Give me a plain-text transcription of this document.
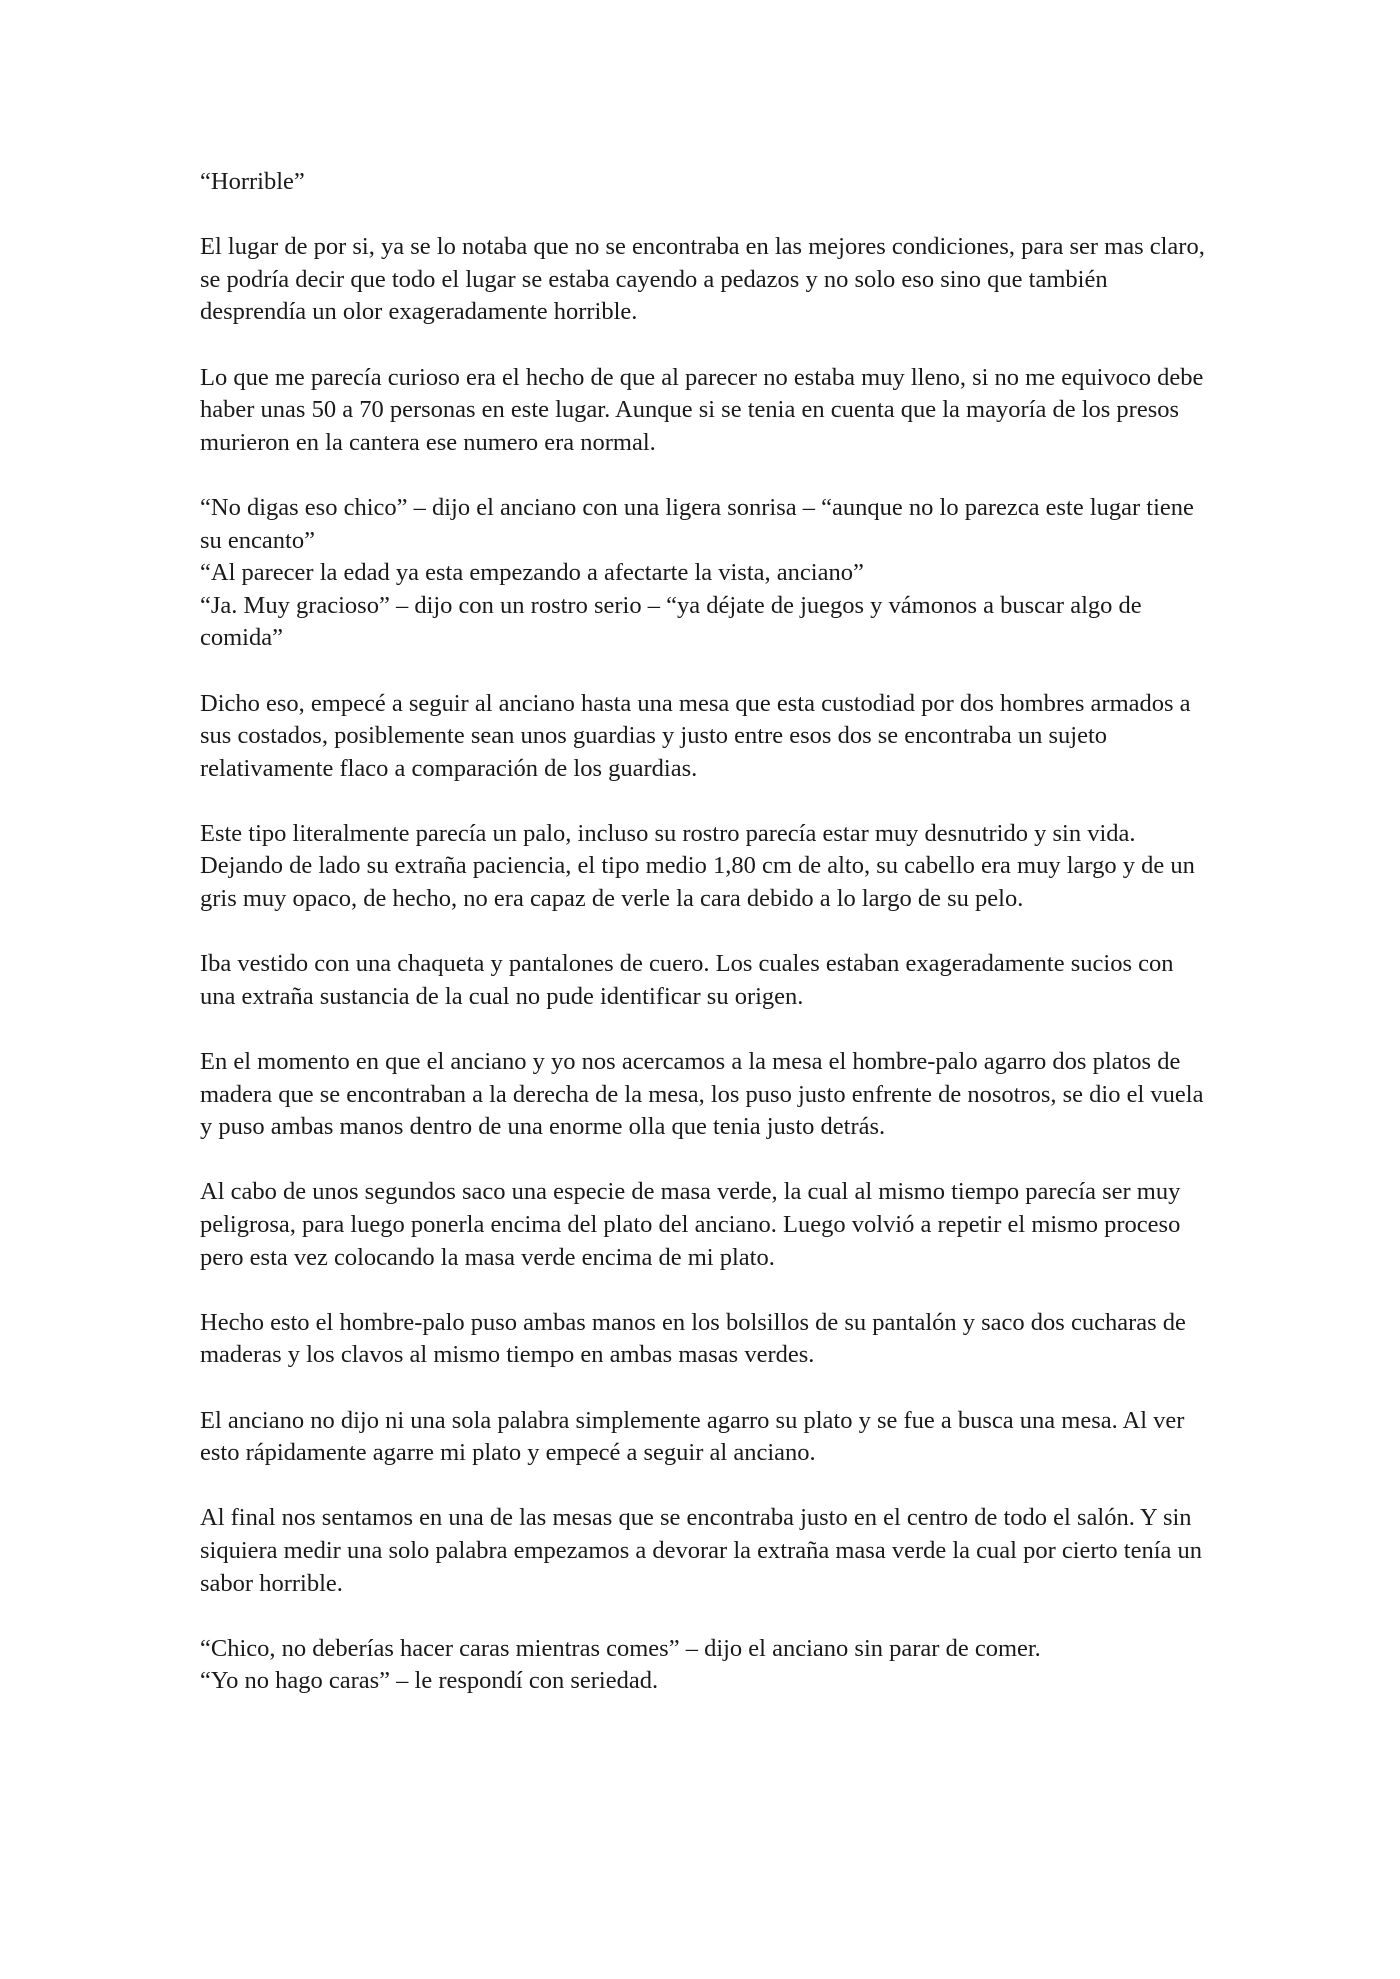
“Horrible”

El lugar de por si, ya se lo notaba que no se encontraba en las mejores condiciones, para ser mas claro, se podría decir que todo el lugar se estaba cayendo a pedazos y no solo eso sino que también desprendía un olor exageradamente horrible.

Lo que me parecía curioso era el hecho de que al parecer no estaba muy lleno, si no me equivoco debe haber unas 50 a 70 personas en este lugar. Aunque si se tenia en cuenta que la mayoría de los presos murieron en la cantera ese numero era normal.

“No digas eso chico” – dijo el anciano con una ligera sonrisa – “aunque no lo parezca este lugar tiene su encanto”
“Al parecer la edad ya esta empezando a afectarte la vista, anciano”
“Ja. Muy gracioso” – dijo con un rostro serio – “ya déjate de juegos y vámonos a buscar algo de comida”

Dicho eso, empecé a seguir al anciano hasta una mesa que esta custodiad por dos hombres armados a sus costados, posiblemente sean unos guardias y justo entre esos dos se encontraba un sujeto relativamente flaco a comparación de los guardias.

Este tipo literalmente parecía un palo, incluso su rostro parecía estar muy desnutrido y sin vida. Dejando de lado su extraña paciencia, el tipo medio 1,80 cm de alto, su cabello era muy largo y de un gris muy opaco, de hecho, no era capaz de verle la cara debido a lo largo de su pelo.

Iba vestido con una chaqueta y pantalones de cuero. Los cuales estaban exageradamente sucios con una extraña sustancia de la cual no pude identificar su origen.

En el momento en que el anciano y yo nos acercamos a la mesa el hombre-palo agarro dos platos de madera que se encontraban a la derecha de la mesa, los puso justo enfrente de nosotros, se dio el vuela y puso ambas manos dentro de una enorme olla que tenia justo detrás.

Al cabo de unos segundos saco una especie de masa verde, la cual al mismo tiempo parecía ser muy peligrosa, para luego ponerla encima del plato del anciano. Luego volvió a repetir el mismo proceso pero esta vez colocando la masa verde encima de mi plato.

Hecho esto el hombre-palo puso ambas manos en los bolsillos de su pantalón y saco dos cucharas de maderas y los clavos al mismo tiempo en ambas masas verdes.

El anciano no dijo ni una sola palabra simplemente agarro su plato y se fue a busca una mesa. Al ver esto rápidamente agarre mi plato y empecé a seguir al anciano.

Al final nos sentamos en una de las mesas que se encontraba justo en el centro de todo el salón. Y sin siquiera medir una solo palabra empezamos a devorar la extraña masa verde la cual por cierto tenía un sabor horrible.

“Chico, no deberías hacer caras mientras comes” – dijo el anciano sin parar de comer.
“Yo no hago caras” – le respondí con seriedad.
